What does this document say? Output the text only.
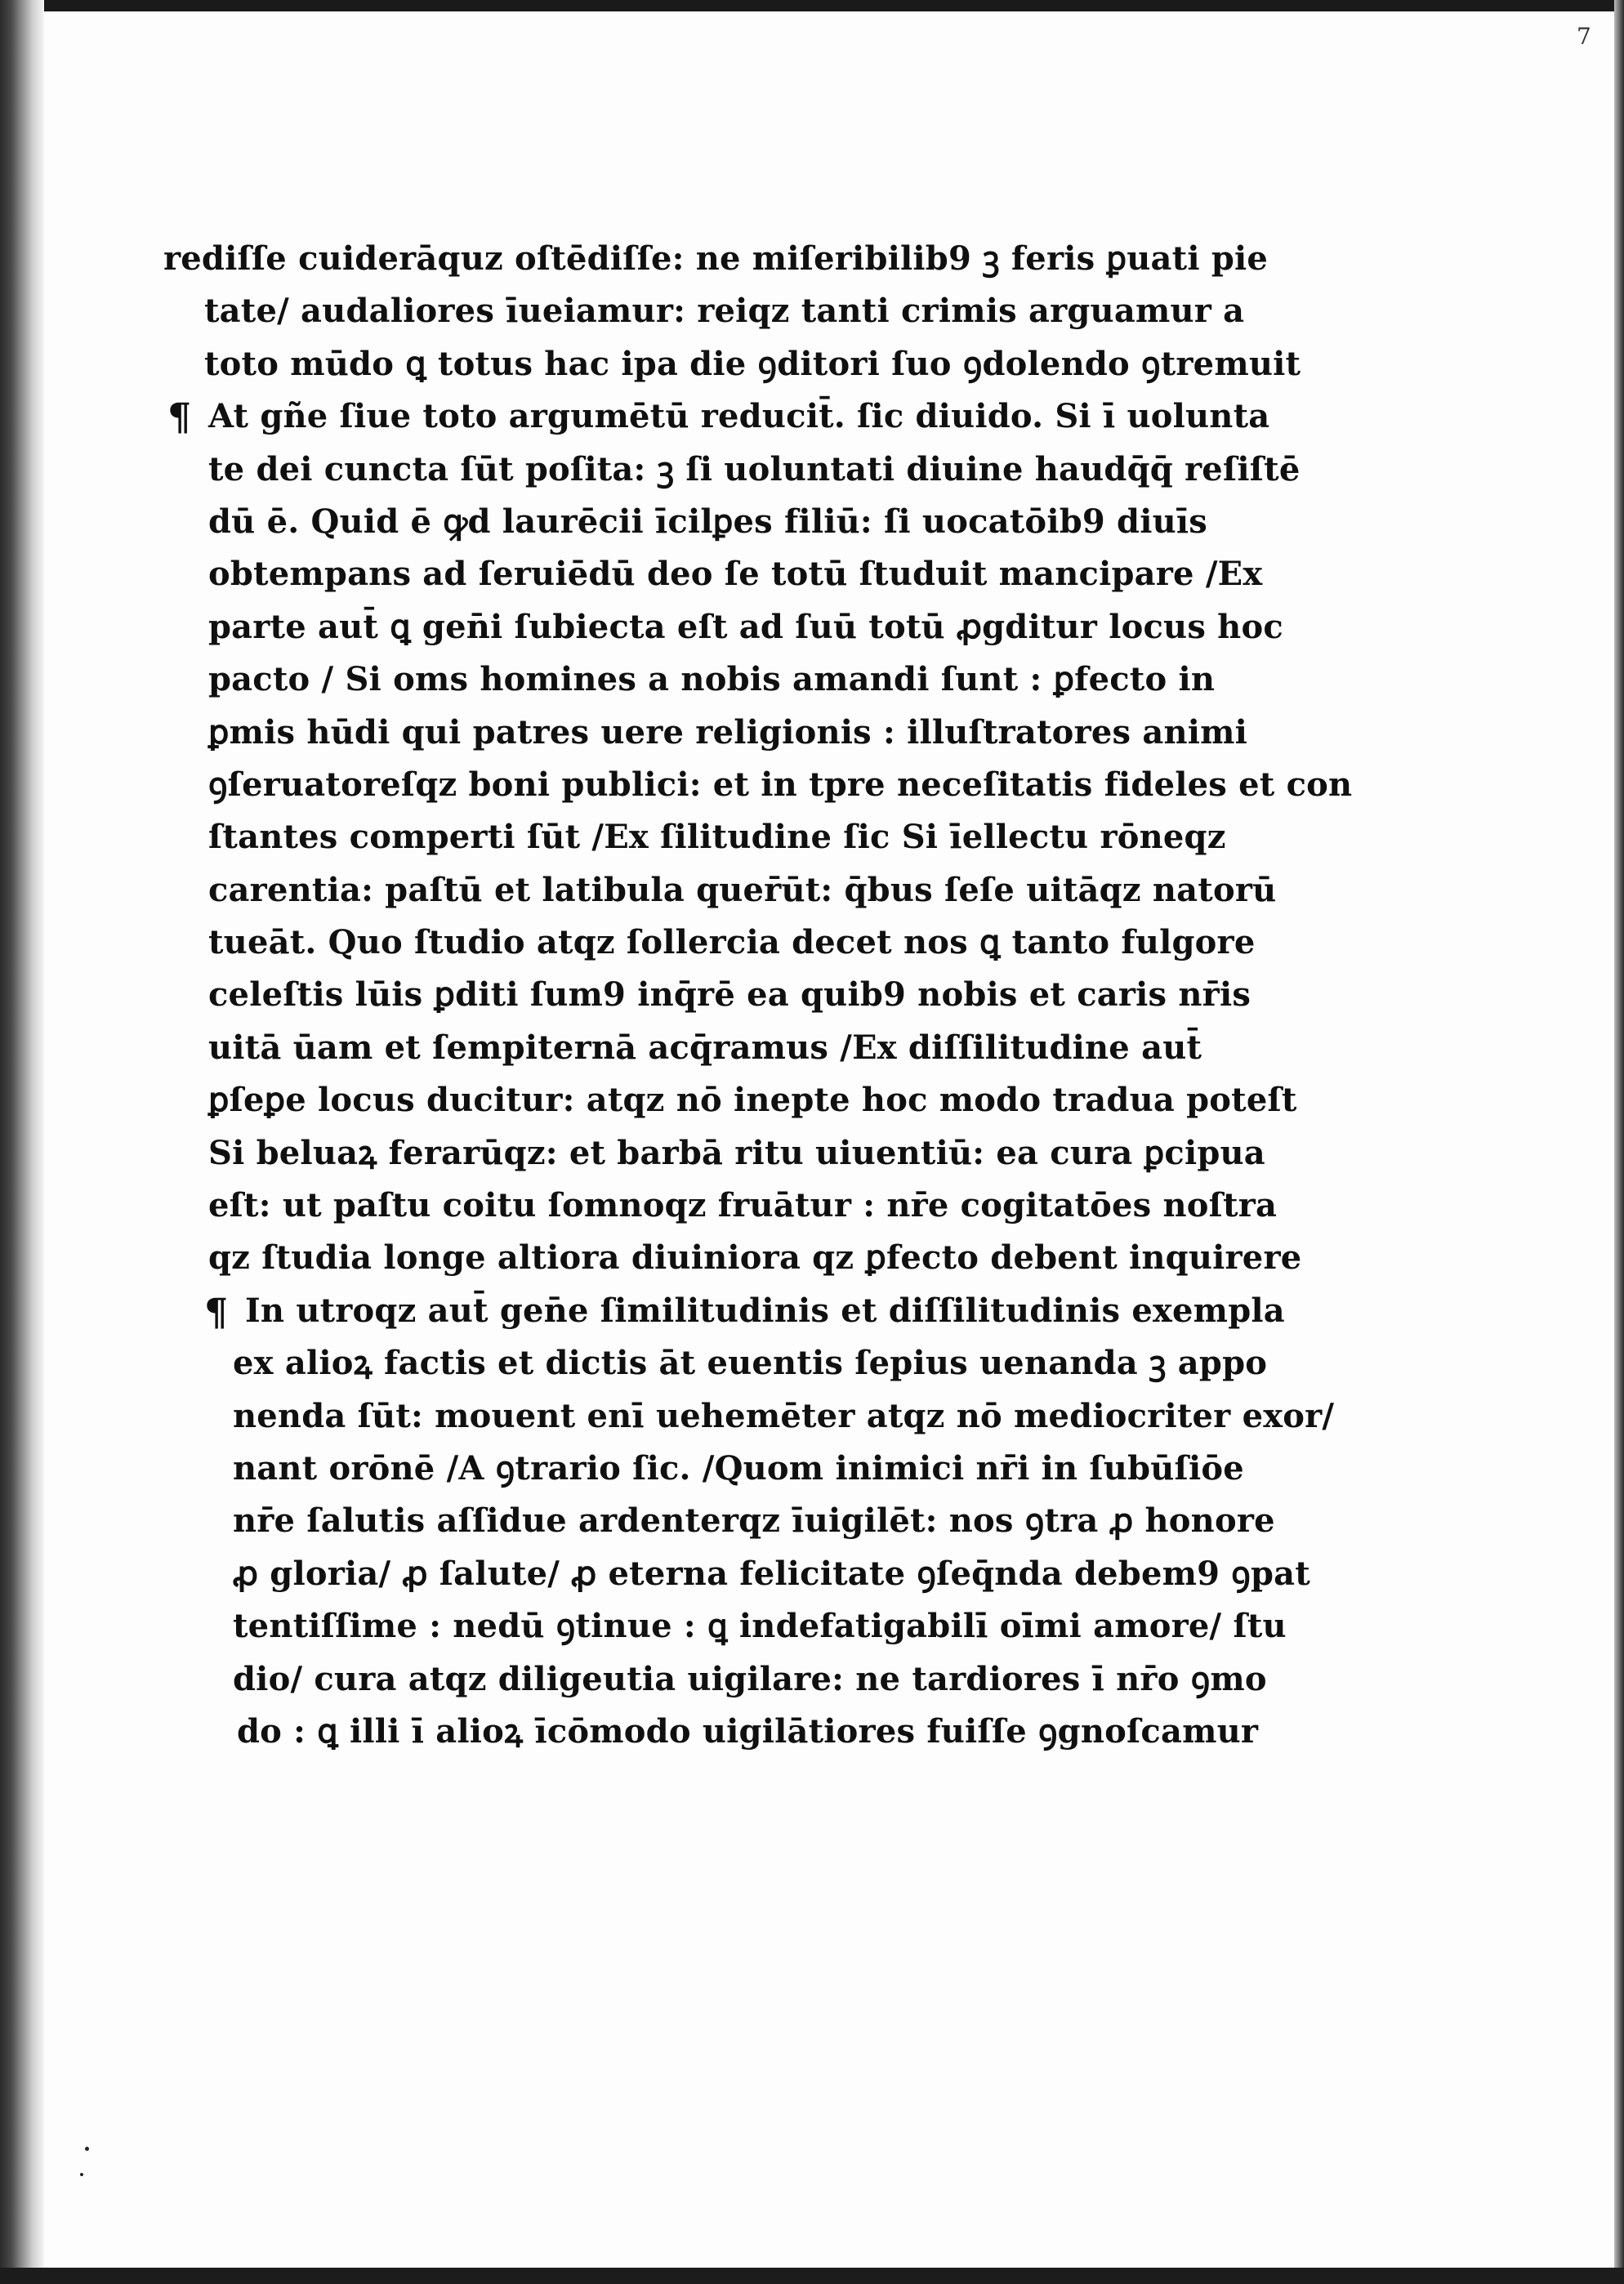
7
¶
¶
rediſſe cuiderāquz oſtēdiſſe: ne miſeribilib9 ꝫ feris ꝑuati pie
tate/ audaliores īueiamur: reiqz tanti crimis arguamur a
toto mūdo ꝗ totus hac ipa die ꝯditori ſuo ꝯdolendo ꝯtremuit
At gñe ſiue toto argumētū reducit̄. ſic diuido. Si ī uolunta
te dei cuncta ſūt poſita: ꝫ ſi uoluntati diuine haudq̄q̄ reſiſtē
dū ē. Quid ē ꝙd laurēcii īcilꝑes filiū: ſi uocatōib9 diuīs
obtempans ad ſeruiēdū deo ſe totū ſtuduit mancipare /Ex
parte aut̄ ꝗ gen̄i ſubiecta eſt ad ſuū totū ꝓgditur locus hoc
pacto / Si oms homines a nobis amandi ſunt : ꝑfecto in
ꝑmis hūdi qui patres uere religionis : illuſtratores animi
ꝯſeruatoreſqz boni publici: et in tpre neceſitatis fideles et con
ſtantes comperti ſūt /Ex ſilitudine ſic Si īellectu rōneqz
carentia: paſtū et latibula quer̄ūt: q̄bus ſeſe uitāqz natorū
tueāt. Quo ſtudio atqz ſollercia decet nos ꝗ tanto fulgore
celeſtis lūis ꝑditi ſum9 inq̄rē ea quib9 nobis et caris nr̄is
uitā ūam et ſempiternā acq̄ramus /Ex diſſilitudine aut̄
ꝑſeꝑe locus ducitur: atqz nō inepte hoc modo tradua poteſt
Si beluaꝝ ferarūqz: et barbā ritu uiuentiū: ea cura ꝑcipua
eſt: ut paſtu coitu ſomnoqz fruātur : nr̄e cogitatōes noſtra
qz ſtudia longe altiora diuiniora qz ꝑfecto debent inquirere
In utroqz aut̄ gen̄e ſimilitudinis et diſſilitudinis exempla
ex alioꝝ factis et dictis āt euentis ſepius uenanda ꝫ appo
nenda ſūt: mouent enī uehemēter atqz nō mediocriter exor/
nant orōnē /A ꝯtrario ſic. /Quom inimici nr̄i in ſubūſiōe
nr̄e ſalutis aſſidue ardenterqz īuigilēt: nos ꝯtra ꝓ honore
ꝓ gloria/ ꝓ ſalute/ ꝓ eterna felicitate ꝯſeq̄nda debem9 ꝯpat
tentiſſime : nedū ꝯtinue : ꝗ indefatigabilī oīmi amore/ ſtu
dio/ cura atqz diligeutia uigilare: ne tardiores ī nr̄o ꝯmo
do : ꝗ illi ī alioꝝ īcōmodo uigilātiores fuiſſe ꝯgnoſcamur
